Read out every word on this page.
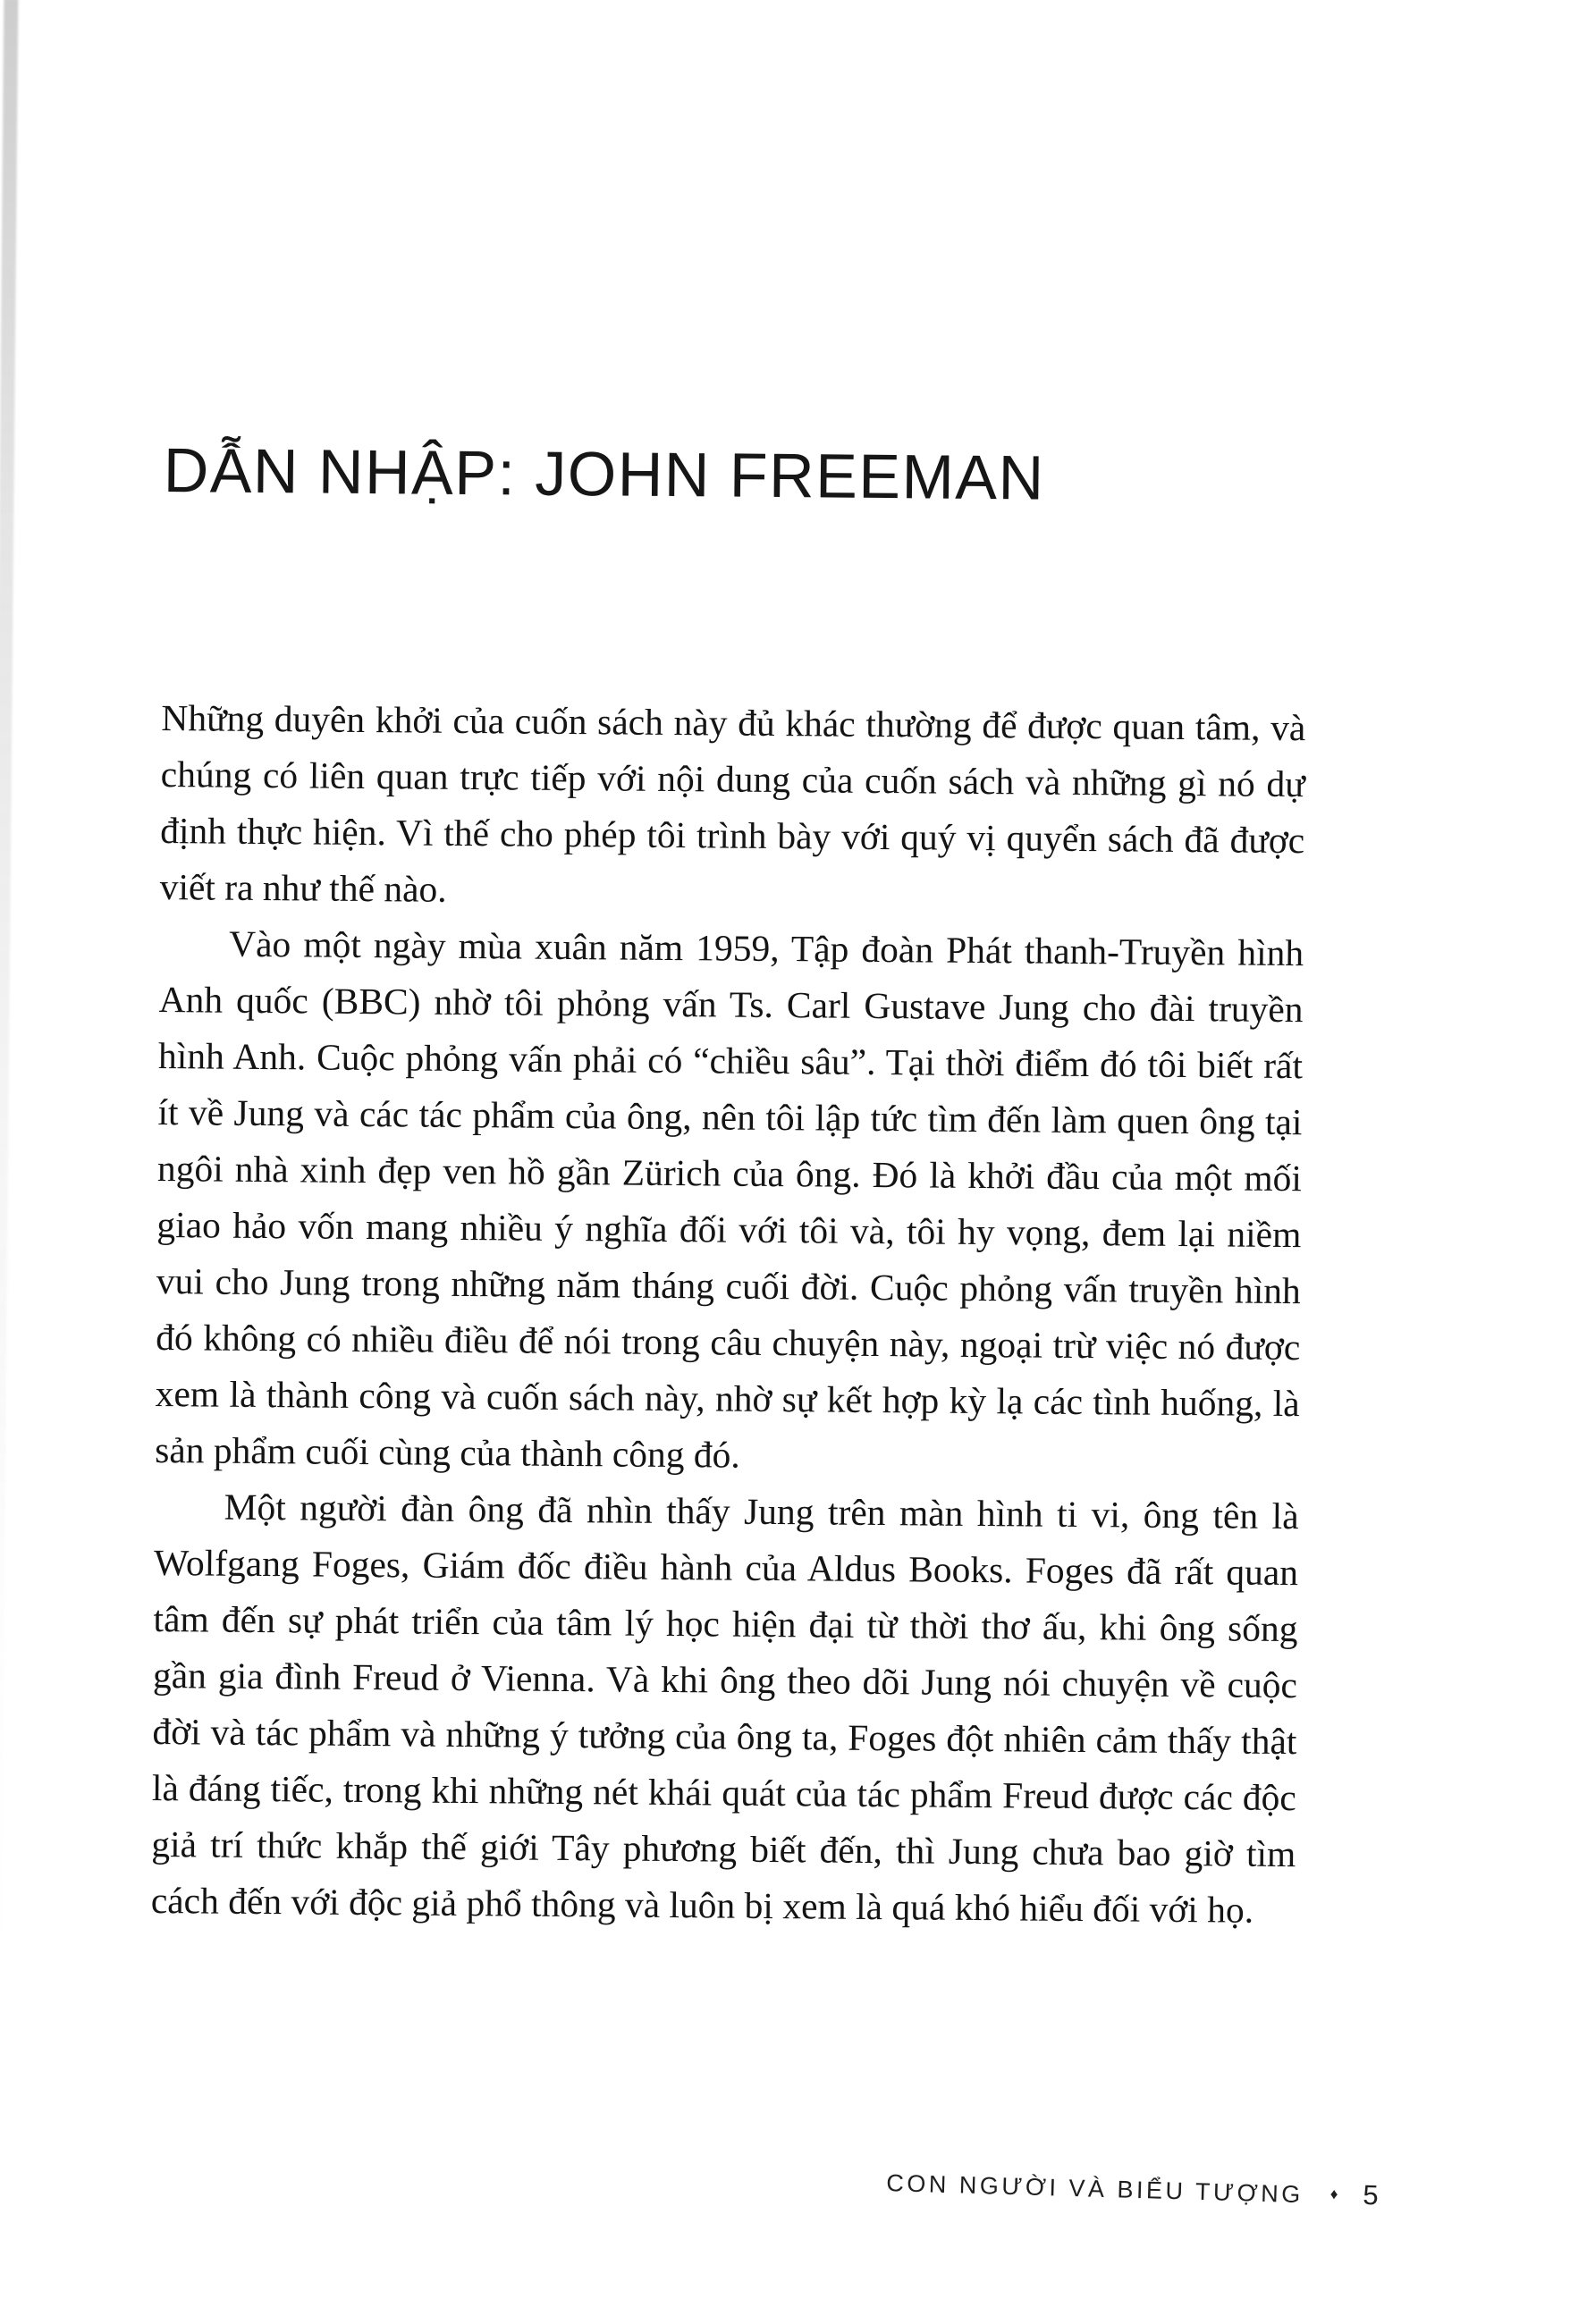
DẪN NHẬP: JOHN FREEMAN

Những duyên khởi của cuốn sách này đủ khác thường để được quan tâm, và chúng có liên quan trực tiếp với nội dung của cuốn sách và những gì nó dự định thực hiện. Vì thế cho phép tôi trình bày với quý vị quyển sách đã được viết ra như thế nào.

Vào một ngày mùa xuân năm 1959, Tập đoàn Phát thanh-Truyền hình Anh quốc (BBC) nhờ tôi phỏng vấn Ts. Carl Gustave Jung cho đài truyền hình Anh. Cuộc phỏng vấn phải có “chiều sâu”. Tại thời điểm đó tôi biết rất ít về Jung và các tác phẩm của ông, nên tôi lập tức tìm đến làm quen ông tại ngôi nhà xinh đẹp ven hồ gần Zürich của ông. Đó là khởi đầu của một mối giao hảo vốn mang nhiều ý nghĩa đối với tôi và, tôi hy vọng, đem lại niềm vui cho Jung trong những năm tháng cuối đời. Cuộc phỏng vấn truyền hình đó không có nhiều điều để nói trong câu chuyện này, ngoại trừ việc nó được xem là thành công và cuốn sách này, nhờ sự kết hợp kỳ lạ các tình huống, là sản phẩm cuối cùng của thành công đó.

Một người đàn ông đã nhìn thấy Jung trên màn hình ti vi, ông tên là Wolfgang Foges, Giám đốc điều hành của Aldus Books. Foges đã rất quan tâm đến sự phát triển của tâm lý học hiện đại từ thời thơ ấu, khi ông sống gần gia đình Freud ở Vienna. Và khi ông theo dõi Jung nói chuyện về cuộc đời và tác phẩm và những ý tưởng của ông ta, Foges đột nhiên cảm thấy thật là đáng tiếc, trong khi những nét khái quát của tác phẩm Freud được các độc giả trí thức khắp thế giới Tây phương biết đến, thì Jung chưa bao giờ tìm cách đến với độc giả phổ thông và luôn bị xem là quá khó hiểu đối với họ.

CON NGƯỜI VÀ BIỂU TƯỢNG ♦ 5
